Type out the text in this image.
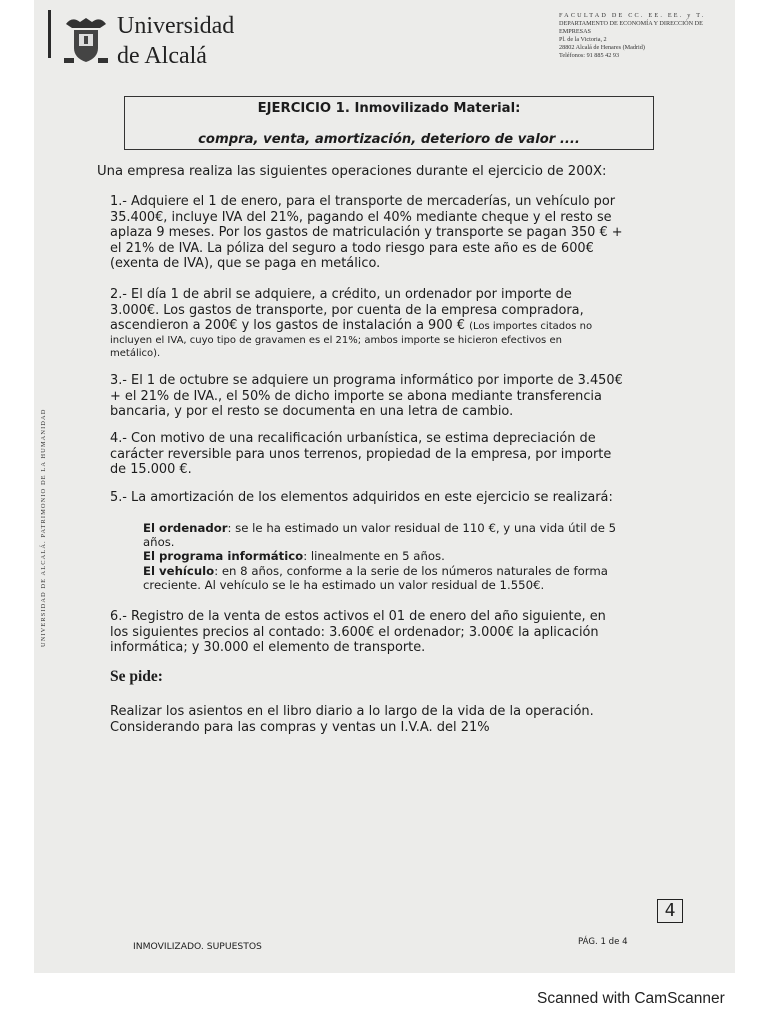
Universidad
de Alcalá
FACULTAD DE CC. EE. EE. y T.
DEPARTAMENTO DE ECONOMÍA Y DIRECCIÓN DE
EMPRESAS
Pl. de la Victoria, 2
28802 Alcalá de Henares (Madrid)
Teléfonos: 91 885 42 93
EJERCICIO 1. Inmovilizado Material:
compra, venta, amortización, deterioro de valor ....
Una empresa realiza las siguientes operaciones durante el ejercicio de 200X:
1.- Adquiere el 1 de enero, para el transporte de mercaderías, un vehículo por
35.400€, incluye IVA del 21%, pagando el 40% mediante cheque y el resto se
aplaza 9 meses. Por los gastos de matriculación y transporte se pagan 350 € +
el 21% de IVA. La póliza del seguro a todo riesgo para este año es de 600€
(exenta de IVA), que se paga en metálico.
2.- El día 1 de abril se adquiere, a crédito, un ordenador por importe de
3.000€. Los gastos de transporte, por cuenta de la empresa compradora,
ascendieron a 200€ y los gastos de instalación a 900 € (Los importes citados no
incluyen el IVA, cuyo tipo de gravamen es el 21%; ambos importe se hicieron efectivos en
metálico).
3.- El 1 de octubre se adquiere un programa informático por importe de 3.450€
+ el 21% de IVA., el 50% de dicho importe se abona mediante transferencia
bancaria, y por el resto se documenta en una letra de cambio.
4.- Con motivo de una recalificación urbanística, se estima depreciación de
carácter reversible para unos terrenos, propiedad de la empresa, por importe
de 15.000 €.
5.- La amortización de los elementos adquiridos en este ejercicio se realizará:
El ordenador: se le ha estimado un valor residual de 110 €, y una vida útil de 5
años.
El programa informático: linealmente en 5 años.
El vehículo: en 8 años, conforme a la serie de los números naturales de forma
creciente. Al vehículo se le ha estimado un valor residual de 1.550€.
6.- Registro de la venta de estos activos el 01 de enero del año siguiente, en
los siguientes precios al contado: 3.600€ el ordenador; 3.000€ la aplicación
informática; y 30.000 el elemento de transporte.
Se pide:
Realizar los asientos en el libro diario a lo largo de la vida de la operación.
Considerando para las compras y ventas un I.V.A. del 21%
UNIVERSIDAD DE ALCALÁ. PATRIMONIO DE LA HUMANIDAD
INMOVILIZADO. SUPUESTOS	PÁG. 1 de 4
4
Scanned with CamScanner
